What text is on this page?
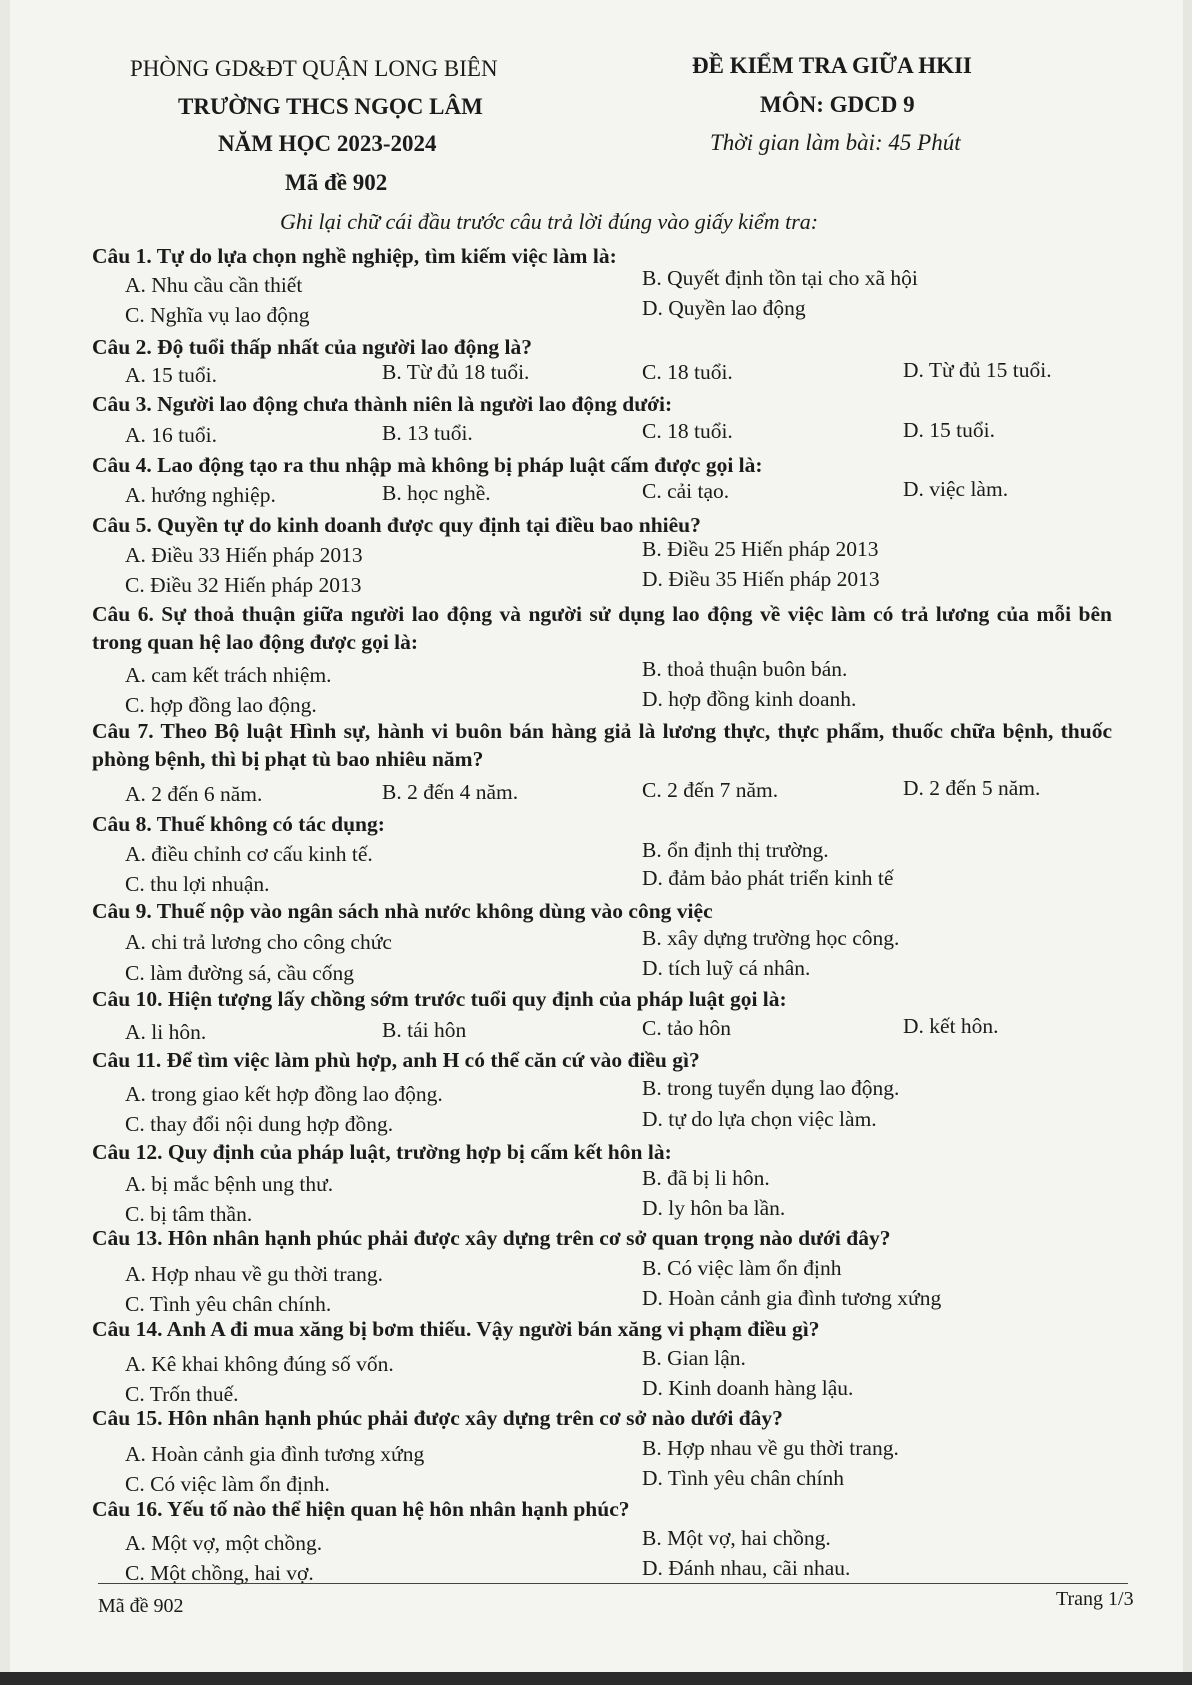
PHÒNG GD&ĐT QUẬN LONG BIÊN
TRƯỜNG THCS NGỌC LÂM
NĂM HỌC 2023-2024
Mã đề 902
ĐỀ KIỂM TRA GIỮA HKII
MÔN: GDCD 9
Thời gian làm bài: 45 Phút
Ghi lại chữ cái đầu trước câu trả lời đúng vào giấy kiểm tra:
Câu 1. Tự do lựa chọn nghề nghiệp, tìm kiếm việc làm là:
A. Nhu cầu cần thiết	B. Quyết định tồn tại cho xã hội
C. Nghĩa vụ lao động	D. Quyền lao động
Câu 2. Độ tuổi thấp nhất của người lao động là?
A. 15 tuổi.	B. Từ đủ 18 tuổi.	C. 18 tuổi.	D. Từ đủ 15 tuổi.
Câu 3. Người lao động chưa thành niên là người lao động dưới:
A. 16 tuổi.	B. 13 tuổi.	C. 18 tuổi.	D. 15 tuổi.
Câu 4. Lao động tạo ra thu nhập mà không bị pháp luật cấm được gọi là:
A. hướng nghiệp.	B. học nghề.	C. cải tạo.	D. việc làm.
Câu 5. Quyền tự do kinh doanh được quy định tại điều bao nhiêu?
A. Điều 33 Hiến pháp 2013	B. Điều 25 Hiến pháp 2013
C. Điều 32 Hiến pháp 2013	D. Điều 35 Hiến pháp 2013
Câu 6. Sự thoả thuận giữa người lao động và người sử dụng lao động về việc làm có trả lương của mỗi bên trong quan hệ lao động được gọi là:
A. cam kết trách nhiệm.	B. thoả thuận buôn bán.
C. hợp đồng lao động.	D. hợp đồng kinh doanh.
Câu 7. Theo Bộ luật Hình sự, hành vi buôn bán hàng giả là lương thực, thực phẩm, thuốc chữa bệnh, thuốc phòng bệnh, thì bị phạt tù bao nhiêu năm?
A. 2 đến 6 năm.	B. 2 đến 4 năm.	C. 2 đến 7 năm.	D. 2 đến 5 năm.
Câu 8. Thuế không có tác dụng:
A. điều chỉnh cơ cấu kinh tế.	B. ổn định thị trường.
C. thu lợi nhuận.	D. đảm bảo phát triển kinh tế
Câu 9. Thuế nộp vào ngân sách nhà nước không dùng vào công việc
A. chi trả lương cho công chức	B. xây dựng trường học công.
C. làm đường sá, cầu cống	D. tích luỹ cá nhân.
Câu 10. Hiện tượng lấy chồng sớm trước tuổi quy định của pháp luật gọi là:
A. li hôn.	B. tái hôn	C. tảo hôn	D. kết hôn.
Câu 11. Để tìm việc làm phù hợp, anh H có thể căn cứ vào điều gì?
A. trong giao kết hợp đồng lao động.	B. trong tuyển dụng lao động.
C. thay đổi nội dung hợp đồng.	D. tự do lựa chọn việc làm.
Câu 12. Quy định của pháp luật, trường hợp bị cấm kết hôn là:
A. bị mắc bệnh ung thư.	B. đã bị li hôn.
C. bị tâm thần.	D. ly hôn ba lần.
Câu 13. Hôn nhân hạnh phúc phải được xây dựng trên cơ sở quan trọng nào dưới đây?
A. Hợp nhau về gu thời trang.	B. Có việc làm ổn định
C. Tình yêu chân chính.	D. Hoàn cảnh gia đình tương xứng
Câu 14. Anh A đi mua xăng bị bơm thiếu. Vậy người bán xăng vi phạm điều gì?
A. Kê khai không đúng số vốn.	B. Gian lận.
C. Trốn thuế.	D. Kinh doanh hàng lậu.
Câu 15. Hôn nhân hạnh phúc phải được xây dựng trên cơ sở nào dưới đây?
A. Hoàn cảnh gia đình tương xứng	B. Hợp nhau về gu thời trang.
C. Có việc làm ổn định.	D. Tình yêu chân chính
Câu 16. Yếu tố nào thể hiện quan hệ hôn nhân hạnh phúc?
A. Một vợ, một chồng.	B. Một vợ, hai chồng.
C. Một chồng, hai vợ.	D. Đánh nhau, cãi nhau.
Mã đề 902	Trang 1/3
